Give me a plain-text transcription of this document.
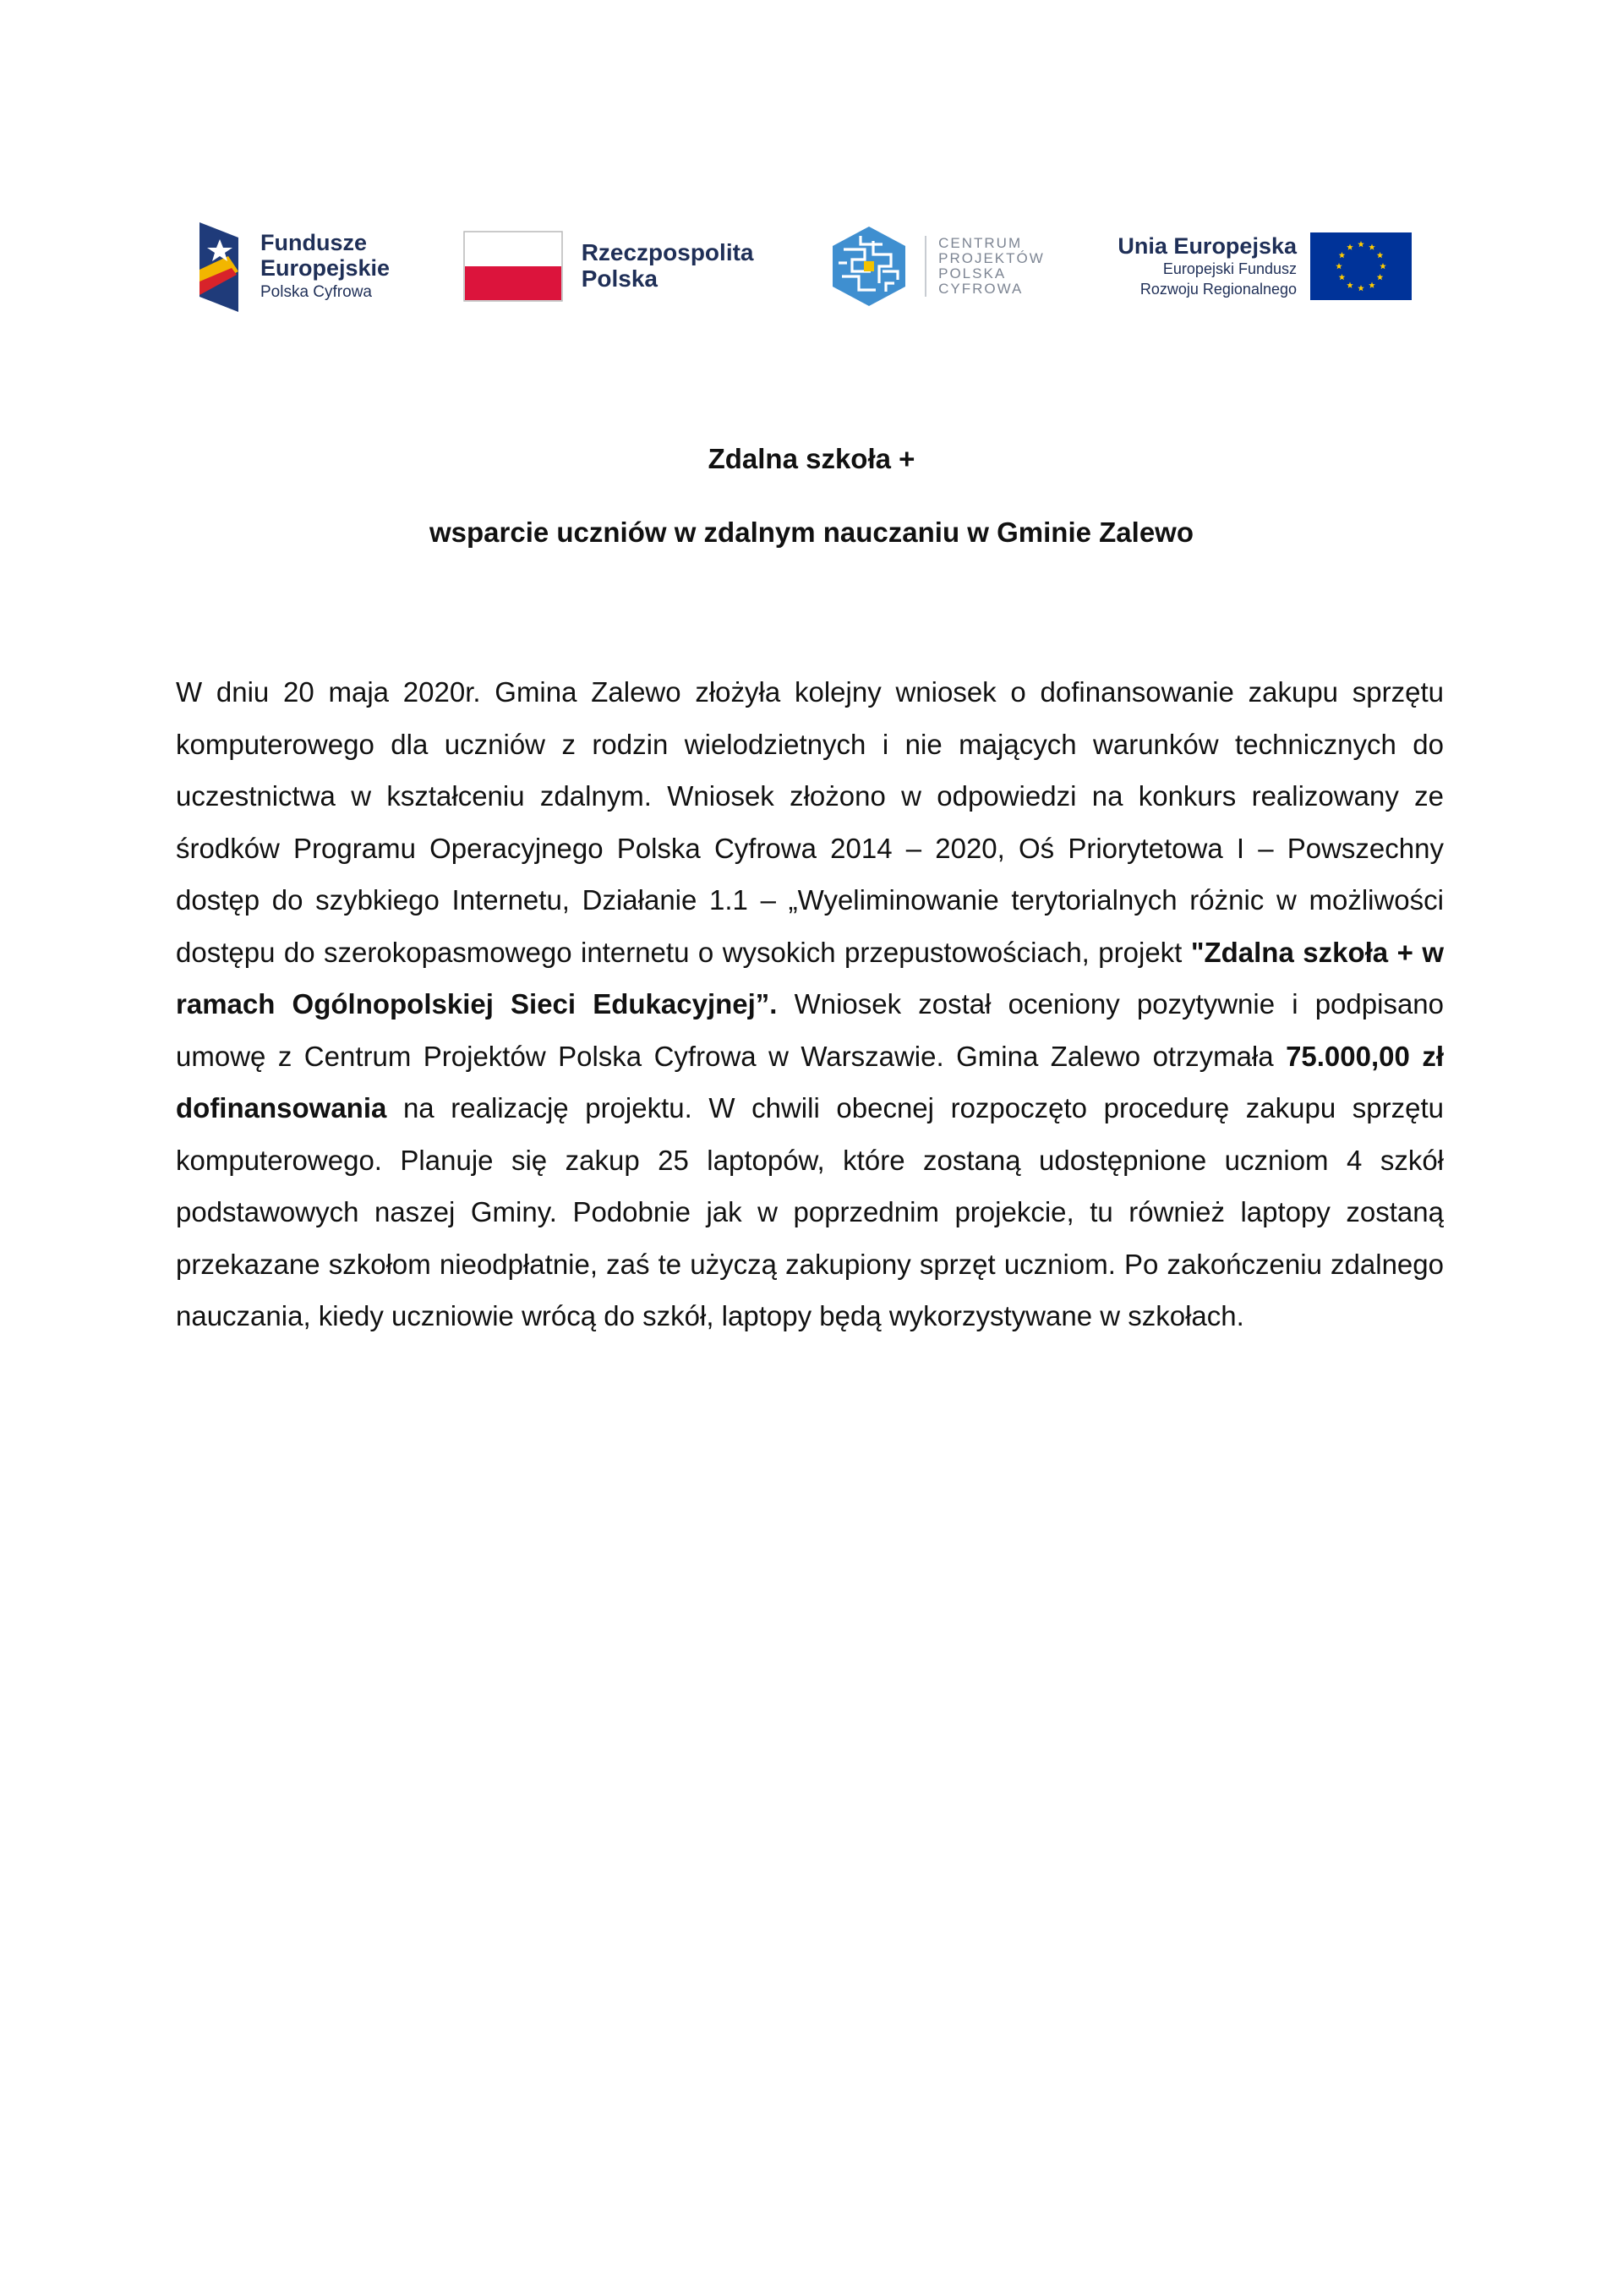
Fundusze
Europejskie
Polska Cyfrowa
Rzeczpospolita
Polska
CENTRUM
PROJEKTÓW
POLSKA
CYFROWA
Unia Europejska
Europejski Fundusz
Rozwoju Regionalnego
Zdalna szkoła +
wsparcie uczniów w zdalnym nauczaniu w Gminie Zalewo

W dniu 20 maja 2020r. Gmina Zalewo złożyła kolejny wniosek o dofinansowanie zakupu sprzętu komputerowego dla uczniów z rodzin wielodzietnych i nie mających warunków technicznych do uczestnictwa w kształceniu zdalnym. Wniosek złożono w odpowiedzi na konkurs realizowany ze środków Programu Operacyjnego Polska Cyfrowa 2014 – 2020, Oś Priorytetowa I – Powszechny dostęp do szybkiego Internetu, Działanie 1.1 – „Wyeliminowanie terytorialnych różnic w możliwości dostępu do szerokopasmowego internetu o wysokich przepustowościach, projekt "Zdalna szkoła + w ramach Ogólnopolskiej Sieci Edukacyjnej”. Wniosek został oceniony pozytywnie i podpisano umowę z Centrum Projektów Polska Cyfrowa w Warszawie. Gmina Zalewo otrzymała 75.000,00 zł dofinansowania na realizację projektu. W chwili obecnej rozpoczęto procedurę zakupu sprzętu komputerowego. Planuje się zakup 25 laptopów, które zostaną udostępnione uczniom 4 szkół podstawowych naszej Gminy. Podobnie jak w poprzednim projekcie, tu również laptopy zostaną przekazane szkołom nieodpłatnie, zaś te użyczą zakupiony sprzęt uczniom. Po zakończeniu zdalnego nauczania, kiedy uczniowie wrócą do szkół, laptopy będą wykorzystywane w szkołach.
